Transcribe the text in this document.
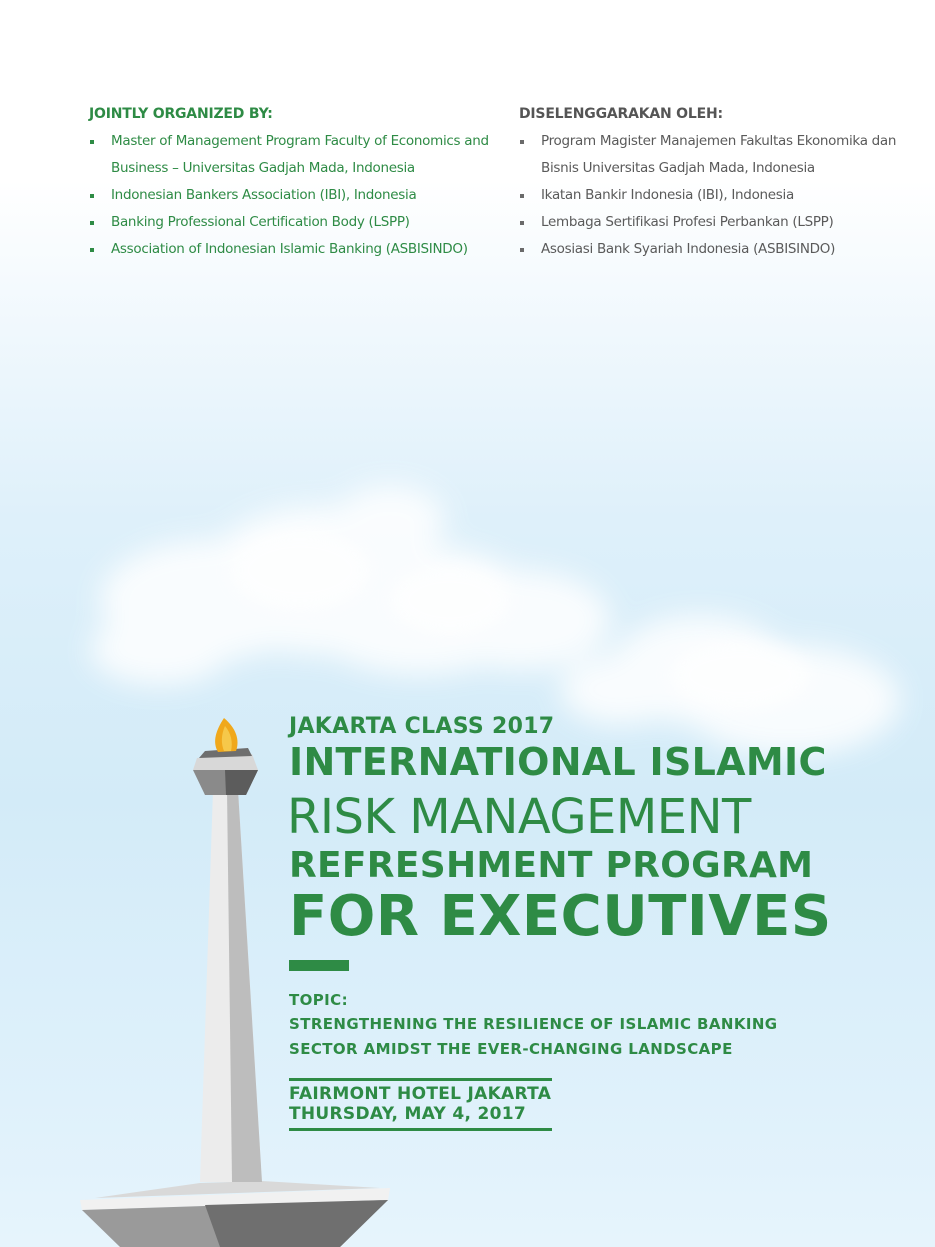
JOINTLY ORGANIZED BY:
Master of Management Program Faculty of Economics and Business – Universitas Gadjah Mada, Indonesia
Indonesian Bankers Association (IBI), Indonesia
Banking Professional Certification Body (LSPP)
Association of Indonesian Islamic Banking (ASBISINDO)
DISELENGGARAKAN OLEH:
Program Magister Manajemen Fakultas Ekonomika dan Bisnis Universitas Gadjah Mada, Indonesia
Ikatan Bankir Indonesia (IBI), Indonesia
Lembaga Sertifikasi Profesi Perbankan (LSPP)
Asosiasi Bank Syariah Indonesia (ASBISINDO)
JAKARTA CLASS 2017
INTERNATIONAL ISLAMIC
RISK MANAGEMENT
REFRESHMENT PROGRAM
FOR EXECUTIVES
TOPIC:
STRENGTHENING THE RESILIENCE OF ISLAMIC BANKING
SECTOR AMIDST THE EVER-CHANGING LANDSCAPE
FAIRMONT HOTEL JAKARTA
THURSDAY, MAY 4, 2017
